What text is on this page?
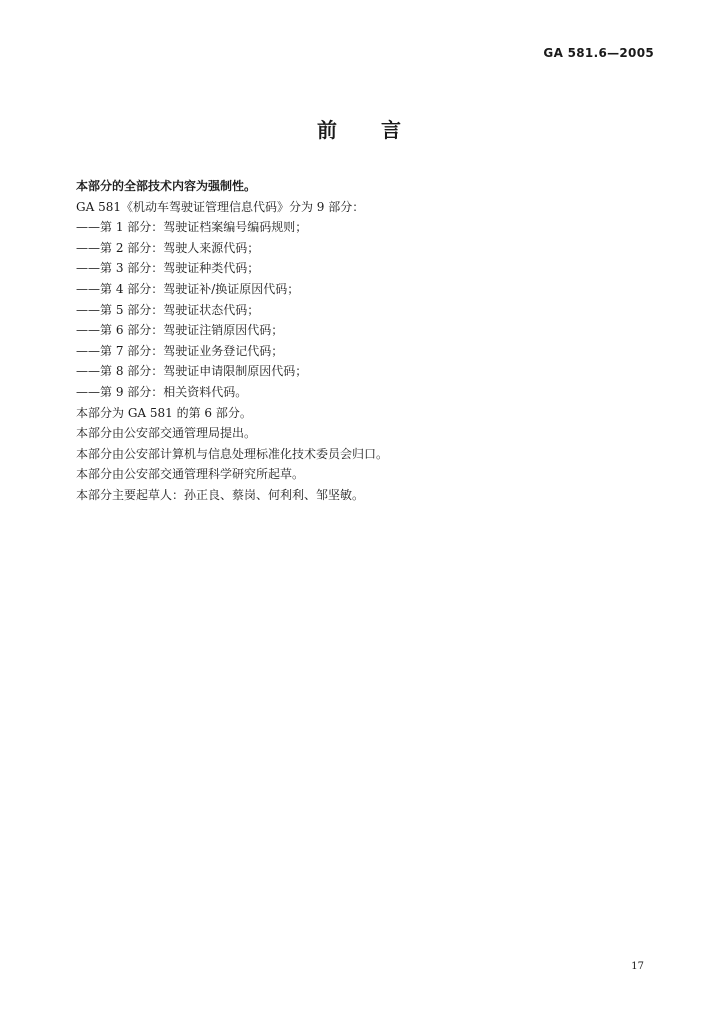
GA 581.6—2005
前言
本部分的全部技术内容为强制性。
GA 581《机动车驾驶证管理信息代码》分为 9 部分：
——第 1 部分：驾驶证档案编号编码规则；
——第 2 部分：驾驶人来源代码；
——第 3 部分：驾驶证种类代码；
——第 4 部分：驾驶证补/换证原因代码；
——第 5 部分：驾驶证状态代码；
——第 6 部分：驾驶证注销原因代码；
——第 7 部分：驾驶证业务登记代码；
——第 8 部分：驾驶证申请限制原因代码；
——第 9 部分：相关资料代码。
本部分为 GA 581 的第 6 部分。
本部分由公安部交通管理局提出。
本部分由公安部计算机与信息处理标准化技术委员会归口。
本部分由公安部交通管理科学研究所起草。
本部分主要起草人：孙正良、蔡岗、何利利、邹坚敏。
17
